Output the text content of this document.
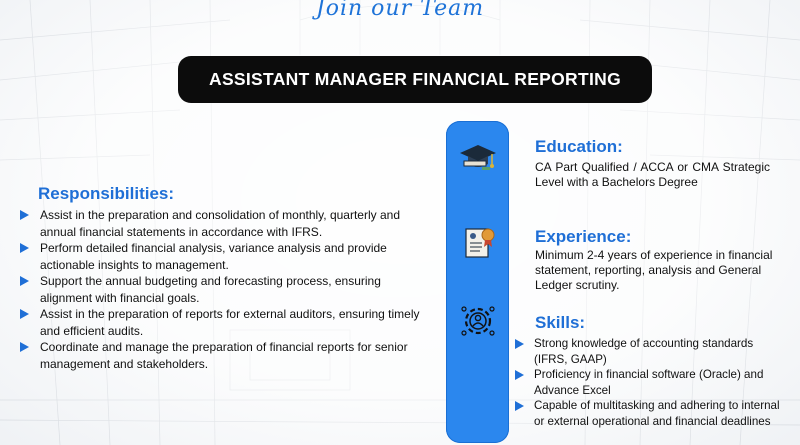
Join our Team
ASSISTANT MANAGER FINANCIAL REPORTING
Responsibilities:
Assist in the preparation and consolidation of monthly, quarterly and annual financial statements in accordance with IFRS.
Perform detailed financial analysis, variance analysis and provide actionable insights to management.
Support the annual budgeting and forecasting process, ensuring alignment with financial goals.
Assist in the preparation of reports for external auditors, ensuring timely and efficient audits.
Coordinate and manage the preparation of financial reports for senior management and stakeholders.
Education:
CA Part Qualified / ACCA or CMA Strategic Level with a Bachelors Degree
Experience:
Minimum 2-4 years of experience in financial statement, reporting, analysis and General Ledger scrutiny.
Skills:
Strong knowledge of accounting standards (IFRS, GAAP)
Proficiency in financial software (Oracle) and Advance Excel
Capable of multitasking and adhering to internal or external operational and financial deadlines
